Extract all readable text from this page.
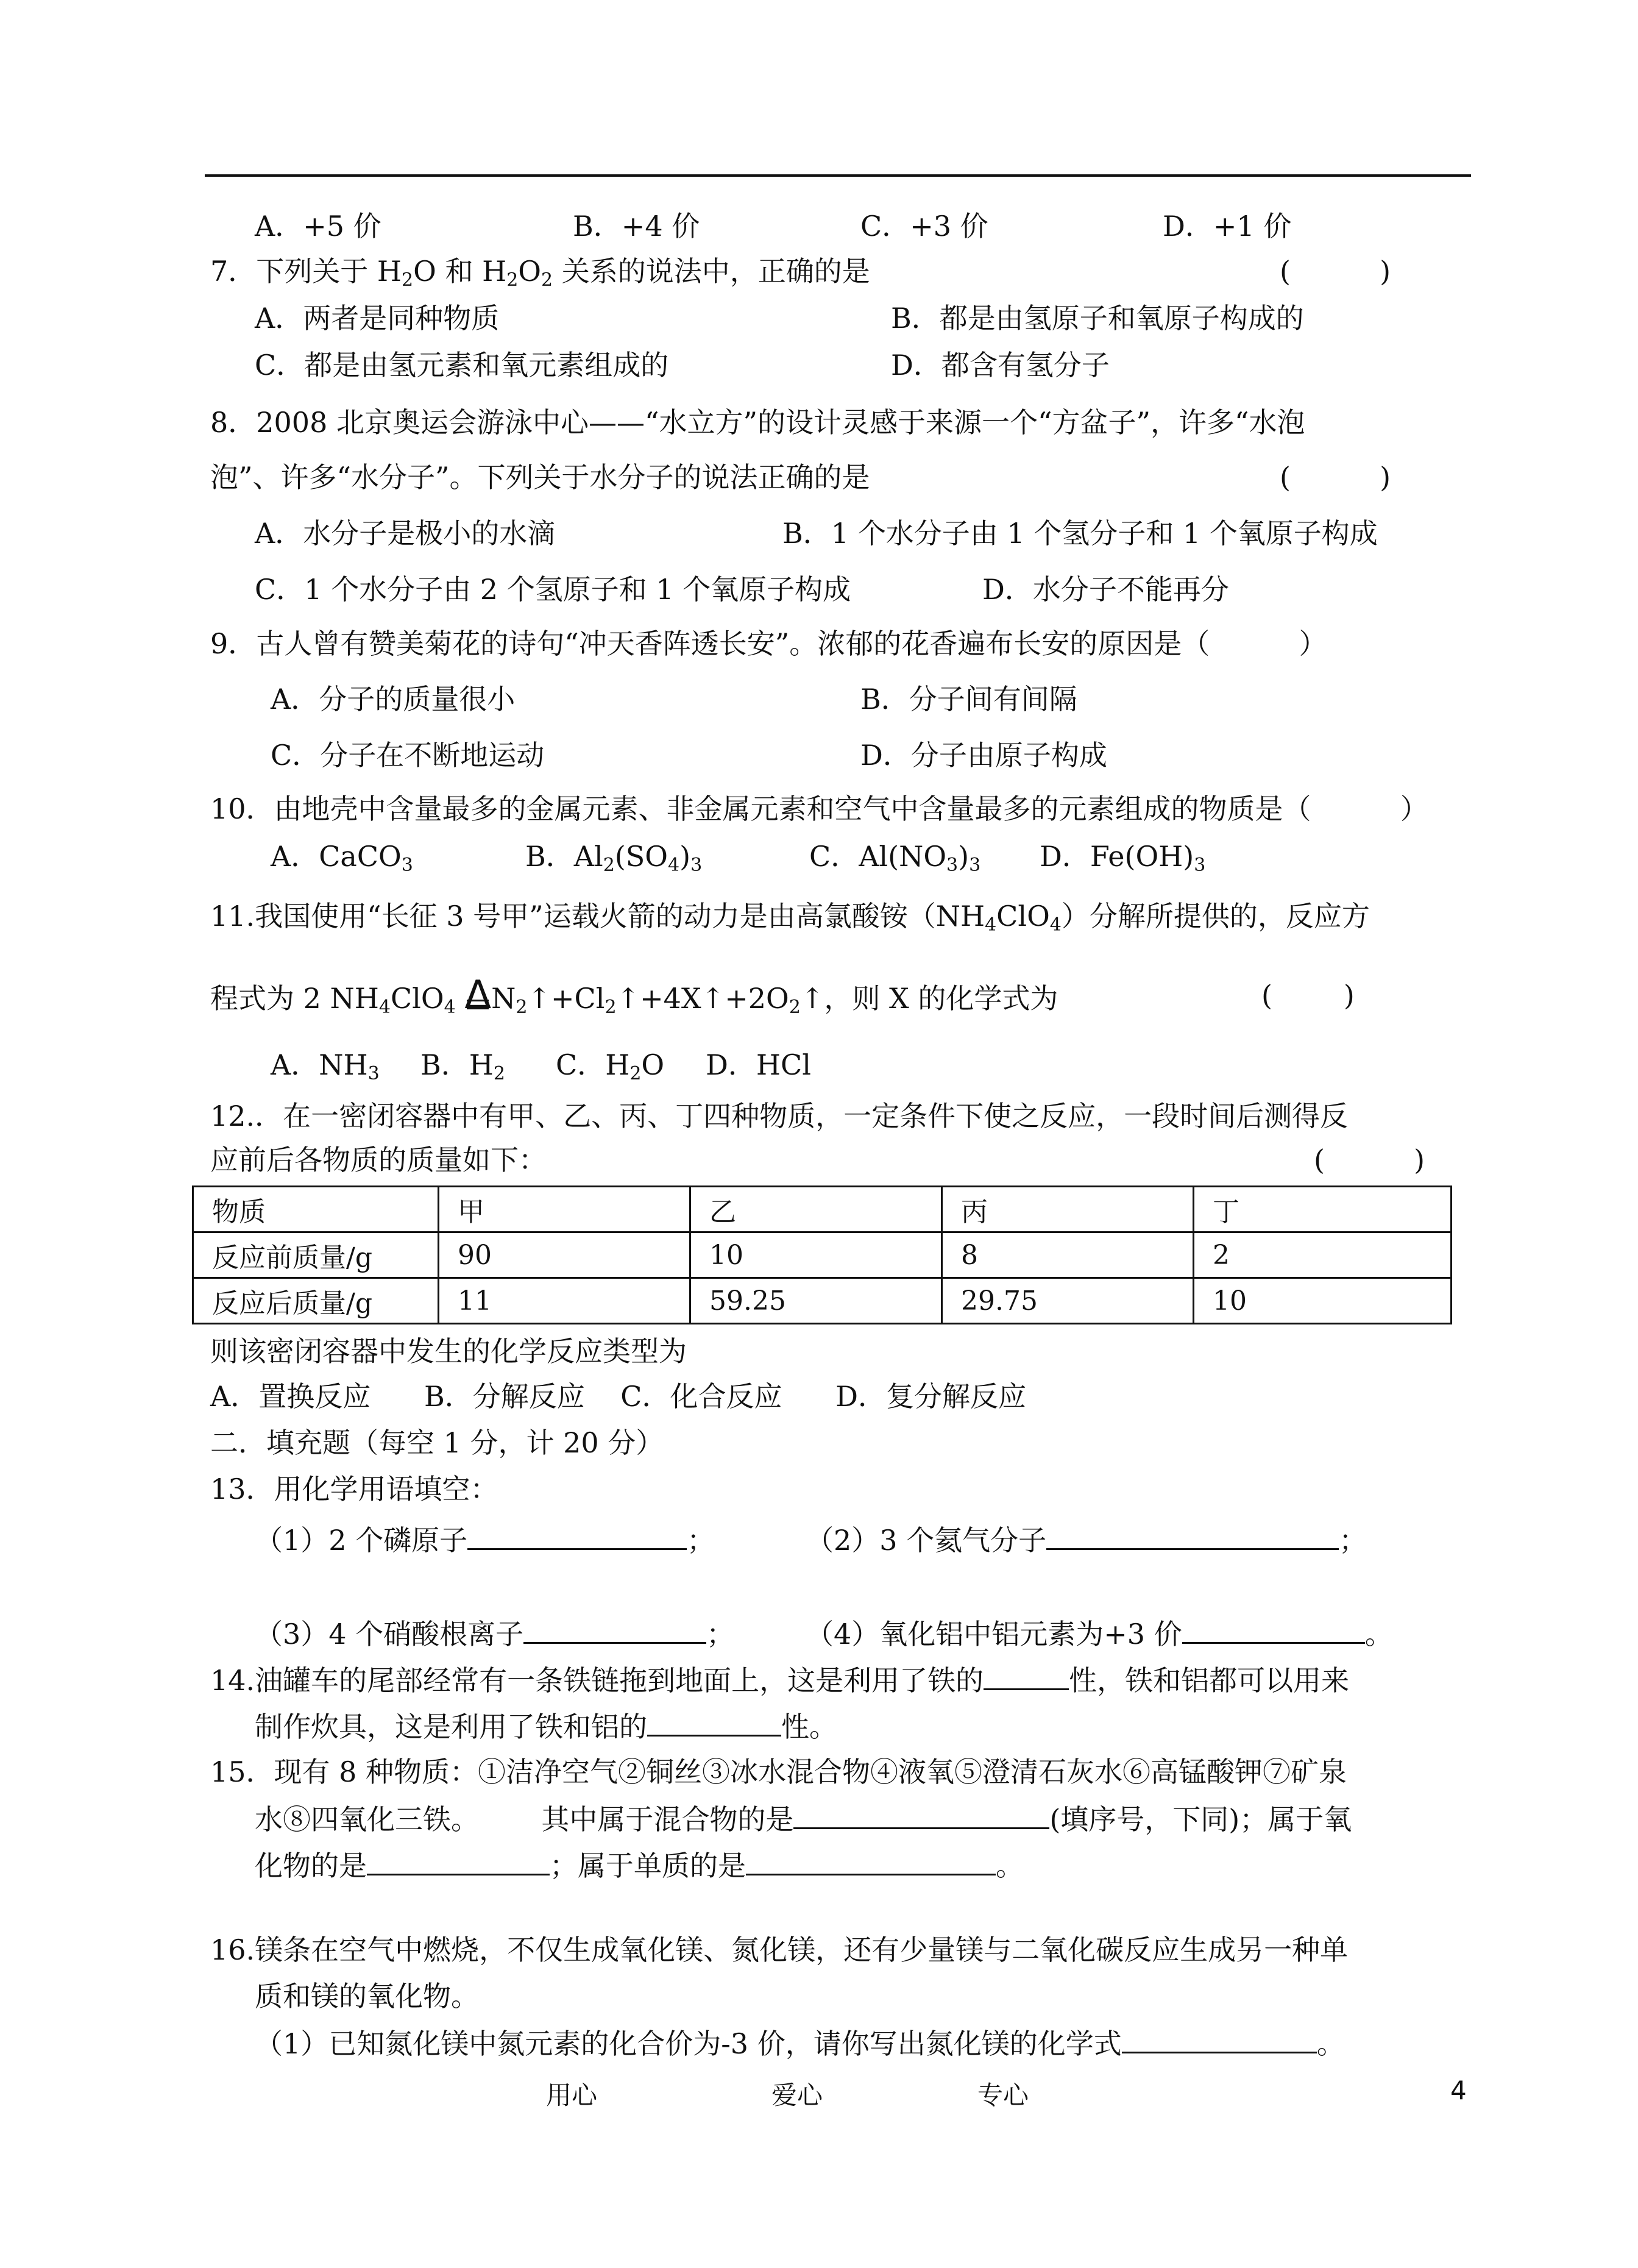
A．+5 价	B．+4 价	C．+3 价	D．+1 价
7．下列关于 $H_2O$ 和 $H_2O_2$ 关系的说法中，正确的是	(          )
A．两者是同种物质	B．都是由氢原子和氧原子构成的
C．都是由氢元素和氧元素组成的	D．都含有氢分子
8．2008 北京奥运会游泳中心——“水立方”的设计灵感于来源一个“方盆子”，许多“水泡
泡”、许多“水分子”。下列关于水分子的说法正确的是	(          )
A．水分子是极小的水滴	B．1 个水分子由 1 个氢分子和 1 个氧原子构成
C．1 个水分子由 2 个氢原子和 1 个氧原子构成	D．水分子不能再分
9．古人曾有赞美菊花的诗句“冲天香阵透长安”。浓郁的花香遍布长安的原因是（          ）
A．分子的质量很小	B．分子间有间隔
C．分子在不断地运动	D．分子由原子构成
10．由地壳中含量最多的金属元素、非金属元素和空气中含量最多的元素组成的物质是（          ）
A．CaCO$_3$	B．$Al_2(SO_4)_3$	C．$Al(NO_3)_3$ D．$Fe(OH)_3$
11.我国使用“长征 3 号甲”运载火箭的动力是由高氯酸铵$(NH_4ClO_4)$分解所提供的，反应方
程式为 2 $NH_4ClO_4$ $\Delta N_2↑+Cl_2↑+4X↑+2O_2↑$，则 X 的化学式为	(        )
A．$NH_3$ B．$H_2$ C．$H_2O$ D．HCl
12.．在一密闭容器中有甲、乙、丙、丁四种物质，一定条件下使之反应，一段时间后测得反
应前后各物质的质量如下：	(          )
物质	甲	乙	丙	丁
反应前质量/g	90	10	8	2
反应后质量/g	11	59.25	29.75	10
则该密闭容器中发生的化学反应类型为
A．置换反应      B．分解反应    C．化合反应      D．复分解反应
二．填充题（每空 1 分，计 20 分）
13．用化学用语填空：
（1）2 个磷原子	；	（2）3 个氦气分子	；
（3）4 个硝酸根离子	；	（4）氧化铝中铝元素为+3 价	。
14.油罐车的尾部经常有一条铁链拖到地面上，这是利用了铁的	性，铁和铝都可以用来
制作炊具，这是利用了铁和铝的	性。
15．现有 8 种物质：①洁净空气②铜丝③冰水混合物④液氧⑤澄清石灰水⑥高锰酸钾⑦矿泉
水⑧四氧化三铁。       其中属于混合物的是	(填序号，下同)；属于氧
化物的是	；属于单质的是	。
16.镁条在空气中燃烧，不仅生成氧化镁、氮化镁，还有少量镁与二氧化碳反应生成另一种单
质和镁的氧化物。
（1）已知氮化镁中氮元素的化合价为-3 价，请你写出氮化镁的化学式	。
用心	爱心	专心	4
